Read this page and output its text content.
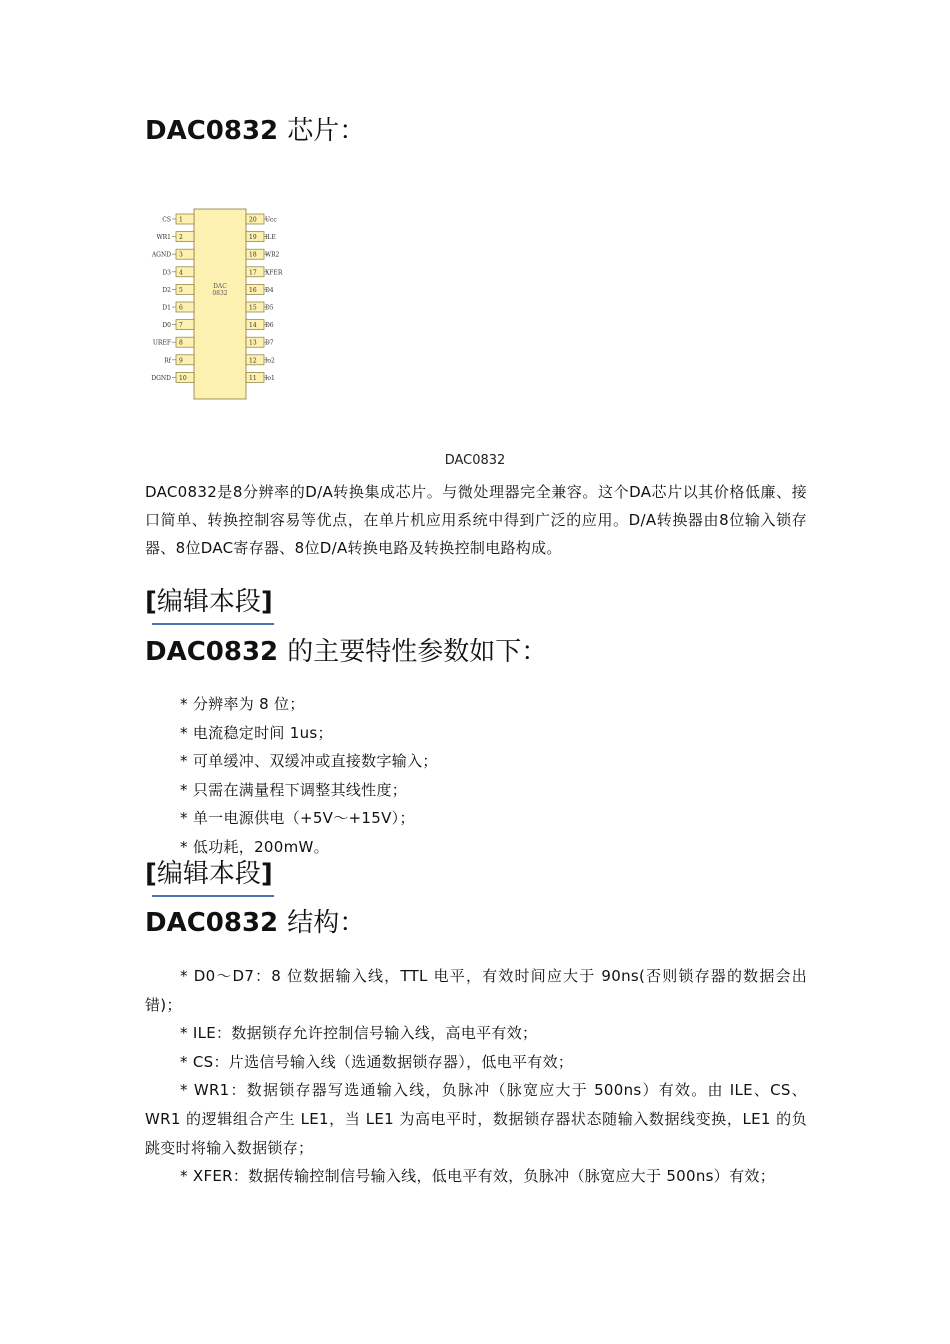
DAC0832 芯片：
DAC
0832
1
CS
2
WR1
3
AGND
4
D3
5
D2
6
D1
7
D0
8
UREF
9
Rf
10
DGND
20 Ucc
19 ILE
18 WR2
17 XFER
16 D4
15 D5
14 D6
13 D7
12 Io2
11 Io1
DAC0832

DAC0832是8分辨率的D/A转换集成芯片。与微处理器完全兼容。这个DA芯片以其价格低廉、接口简单、转换控制容易等优点，在单片机应用系统中得到广泛的应用。D/A转换器由8位输入锁存器、8位DAC寄存器、8位D/A转换电路及转换控制电路构成。

[编辑本段]
DAC0832 的主要特性参数如下：
* 分辨率为 8 位；
* 电流稳定时间 1us；
* 可单缓冲、双缓冲或直接数字输入；
* 只需在满量程下调整其线性度；
* 单一电源供电（+5V～+15V）；
* 低功耗，200mW。
[编辑本段]
DAC0832 结构：
* D0～D7：8 位数据输入线，TTL 电平，有效时间应大于 90ns(否则锁存器的数据会出错)；
* ILE：数据锁存允许控制信号输入线，高电平有效；
* CS：片选信号输入线（选通数据锁存器），低电平有效；
* WR1：数据锁存器写选通输入线，负脉冲（脉宽应大于 500ns）有效。由 ILE、CS、WR1 的逻辑组合产生 LE1，当 LE1 为高电平时，数据锁存器状态随输入数据线变换，LE1 的负跳变时将输入数据锁存；
* XFER：数据传输控制信号输入线，低电平有效，负脉冲（脉宽应大于 500ns）有效；
